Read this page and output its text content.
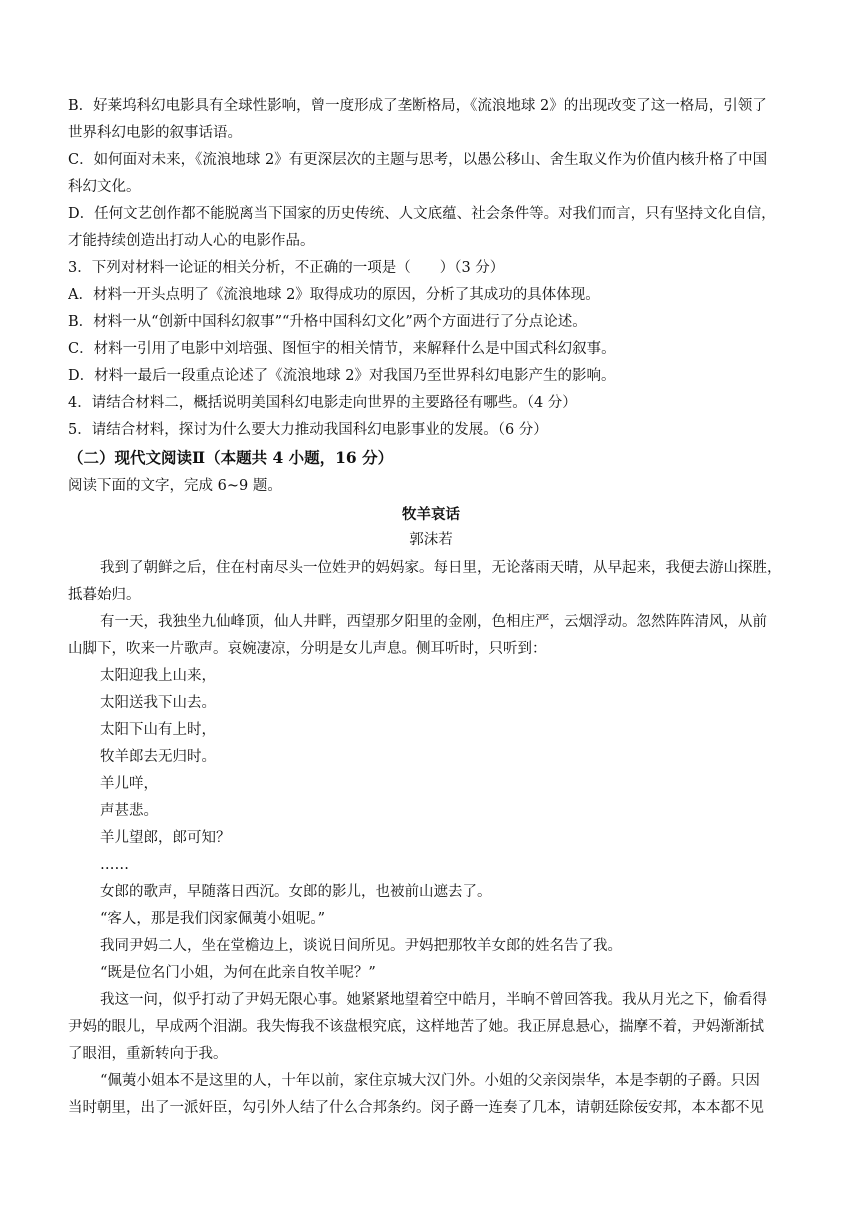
B．好莱坞科幻电影具有全球性影响，曾一度形成了垄断格局，《流浪地球 2》的出现改变了这一格局，引领了
世界科幻电影的叙事话语。
C．如何面对未来，《流浪地球 2》有更深层次的主题与思考，以愚公移山、舍生取义作为价值内核升格了中国
科幻文化。
D．任何文艺创作都不能脱离当下国家的历史传统、人文底蕴、社会条件等。对我们而言，只有坚持文化自信，
才能持续创造出打动人心的电影作品。
3．下列对材料一论证的相关分析，不正确的一项是（　　）（3 分）
A．材料一开头点明了《流浪地球 2》取得成功的原因，分析了其成功的具体体现。
B．材料一从“创新中国科幻叙事”“升格中国科幻文化”两个方面进行了分点论述。
C．材料一引用了电影中刘培强、图恒宇的相关情节，来解释什么是中国式科幻叙事。
D．材料一最后一段重点论述了《流浪地球 2》对我国乃至世界科幻电影产生的影响。
4．请结合材料二，概括说明美国科幻电影走向世界的主要路径有哪些。（4 分）
5．请结合材料，探讨为什么要大力推动我国科幻电影事业的发展。（6 分）
（二）现代文阅读Ⅱ（本题共 4 小题，16 分）
阅读下面的文字，完成 6~9 题。
牧羊哀话
郭沫若
我到了朝鲜之后，住在村南尽头一位姓尹的妈妈家。每日里，无论落雨天晴，从早起来，我便去游山探胜，
抵暮始归。
有一天，我独坐九仙峰顶，仙人井畔，西望那夕阳里的金刚，色相庄严，云烟浮动。忽然阵阵清风，从前
山脚下，吹来一片歌声。哀婉凄凉，分明是女儿声息。侧耳听时，只听到：
太阳迎我上山来，
太阳送我下山去。
太阳下山有上时，
牧羊郎去无归时。
羊儿咩，
声甚悲。
羊儿望郎，郎可知？
……
女郎的歌声，早随落日西沉。女郎的影儿，也被前山遮去了。
“客人，那是我们闵家佩荑小姐呢。”
我同尹妈二人，坐在堂檐边上，谈说日间所见。尹妈把那牧羊女郎的姓名告了我。
“既是位名门小姐，为何在此亲自牧羊呢？”
我这一问，似乎打动了尹妈无限心事。她紧紧地望着空中皓月，半晌不曾回答我。我从月光之下，偷看得
尹妈的眼儿，早成两个泪湖。我失悔我不该盘根究底，这样地苦了她。我正屏息悬心，揣摩不着，尹妈渐渐拭
了眼泪，重新转向于我。
“佩荑小姐本不是这里的人，十年以前，家住京城大汉门外。小姐的父亲闵崇华，本是李朝的子爵。只因
当时朝里，出了一派奸臣，勾引外人结了什么合邦条约。闵子爵一连奏了几本，请朝廷除佞安邦，本本都不见
